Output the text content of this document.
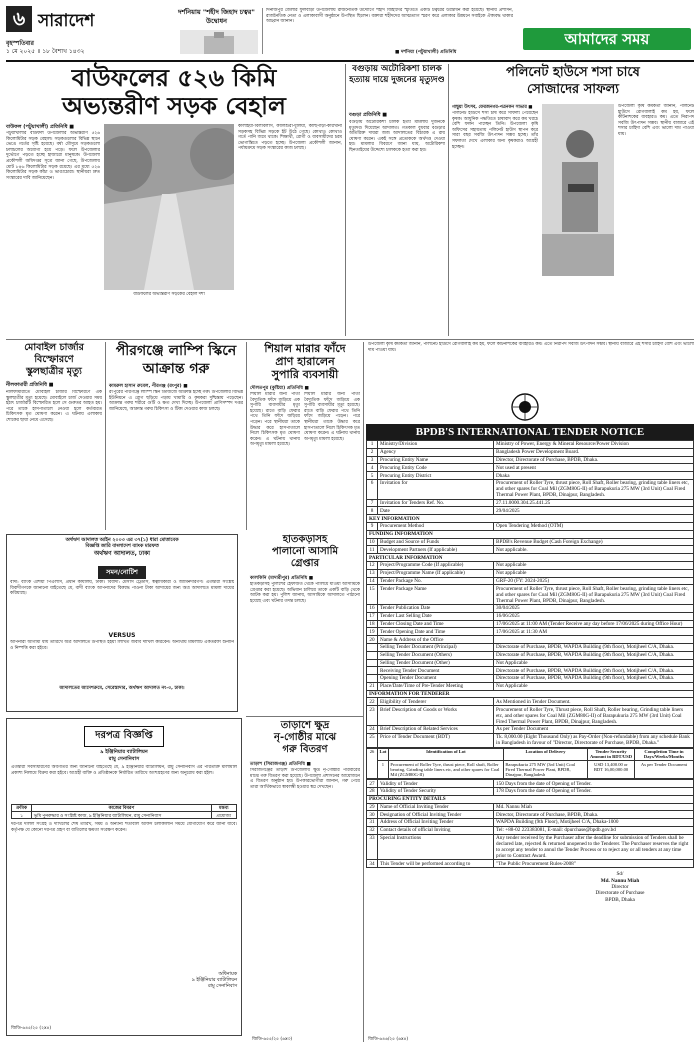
৬ সারাদেশ
বৃহস্পতিবার
১ মে ২০২৫ ॥ ১৮ বৈশাখ ১৪৩২
দর্শনিয়ায় "শহীদ জিহাদ চত্বর" উদ্বোধন
দিনাজপুর জেলার ফুলবাড়ী উপজেলায় রাজনৈতিক উদ্যোগে শহীদ জিহাদের স্মৃতিতে একটি চত্বরের উদ্বোধন করা হয়েছে। স্থানীয় প্রশাসন, রাজনৈতিক নেতা ও এলাকাবাসী অনুষ্ঠানে উপস্থিত ছিলেন। বক্তারা শহীদদের আত্মত্যাগ স্মরণ করে এলাকার উন্নয়নে সবাইকে ঐক্যবদ্ধ থাকার আহ্বান জানান।
■ দর্শনিয়া (পটুয়াখালী) প্রতিনিধি
আমাদের সময়
বাউফলের ৫২৬ কিমি
অভ্যন্তরীণ সড়ক বেহাল
বাউফল (পটুয়াখালী) প্রতিনিধি ■
পটুয়াখালীর বাউফল উপজেলার অভ্যন্তরীণ ৫২৬ কিলোমিটার সড়ক বেহাল। সড়কগুলোর বিভিন্ন স্থানে ভেঙে গর্তের সৃষ্টি হয়েছে। বর্ষা মৌসুমে সড়কগুলো চলাচলের অযোগ্য হয়ে পড়ে। ফলে উপজেলার দুর্ভোগে পড়তে হচ্ছে হাজারো মানুষকে। উপজেলা প্রকৌশলী অধিদপ্তর সূত্রে জানা গেছে, উপজেলায় মোট ৮৪৬ কিলোমিটার সড়ক রয়েছে। এর মধ্যে ৫২৬ কিলোমিটার সড়ক কাঁচা ও ভাঙাচোরা। স্থানীয়রা দ্রুত সংস্কারের দাবি জানিয়েছেন।
বাউফলের অভ্যন্তরীণ সড়কের বেহাল দশা
কালাইয়া-বিলবিলাস, কালিশুরী-ধূলিয়া, কাছিপাড়া-কারখানা সড়কসহ বিভিন্ন সড়কে ইট উঠে গেছে। কোথাও কোথাও গর্তে পানি জমে থাকে। শিক্ষার্থী, রোগী ও ব্যবসায়ীদের চরম ভোগান্তিতে পড়তে হচ্ছে। উপজেলা প্রকৌশলী জানান, পর্যায়ক্রমে সড়ক সংস্কারের কাজ চলছে।
বগুড়ায় অটোরিকশা চালক হত্যায় দায়ে দুজনের মৃত্যুদণ্ড
বগুড়া প্রতিনিধি ■
বগুড়ায় অটোরিকশা চালক হত্যা মামলায় দুজনকে মৃত্যুদণ্ড দিয়েছেন আদালত। গতকাল বুধবার বগুড়ার অতিরিক্ত দায়রা জজ আদালতের বিচারক এ রায় ঘোষণা করেন। একই সঙ্গে প্রত্যেককে অর্থদণ্ড দেওয়া হয়। মামলার বিবরণে জানা যায়, অটোরিকশা ছিনতাইয়ের উদ্দেশ্যে চালককে হত্যা করা হয়।
পলিনেট হাউসে শসা চাষে
সোজাদের সাফল্য
গাছুয়া উৎসব, ফেরজনগর-পত্রনকন সাভার ■
পলিনেট হাউসে শসা চাষ করে সাফল্য পেয়েছেন কৃষক। আধুনিক পদ্ধতিতে চাষাবাদ করে কম খরচে বেশি ফলন পাচ্ছেন তিনি। উপজেলা কৃষি অফিসের সহায়তায় পলিনেট হাউস স্থাপন করে সারা বছর সবজি উৎপাদন সম্ভব হচ্ছে। তাঁর সফলতা দেখে এলাকার অন্য কৃষকরাও আগ্রহী হচ্ছেন।
উপজেলা কৃষি কর্মকর্তা জানান, পলিনেট হাউসে রোগবালাই কম হয়, ফলে কীটনাশকের ব্যবহারও কম। এতে নিরাপদ সবজি উৎপাদন সম্ভব। স্থানীয় বাজারে এই শসার চাহিদা বেশি এবং ভালো দাম পাওয়া যায়।
মোবাইল চার্জার
বিস্ফোরণে
স্কুলছাত্রীর মৃত্যু
নীলফামারী প্রতিনিধি ■
নীলফামারীতে মোবাইল চার্জার বিস্ফোরণে এক স্কুলছাত্রীর মৃত্যু হয়েছে। মোবাইলে চার্জ দেওয়ার সময় হঠাৎ চার্জারটি বিস্ফোরিত হলে সে গুরুতর আহত হয়। পরে তাকে হাসপাতালে নেওয়া হলে কর্তব্যরত চিকিৎসক মৃত ঘোষণা করেন। এ ঘটনায় এলাকায় শোকের ছায়া নেমে এসেছে।
পীরগঞ্জে লাম্পি স্কিনে
আক্রান্ত গরু
কামরুল হাসান রুবেল, পীরগঞ্জ (রংপুর) ■
রংপুরের পীরগঞ্জে লাম্পি স্কিন ডিজিজে আক্রান্ত হচ্ছে গরু। উপজেলার বিভিন্ন ইউনিয়নে এ রোগ ছড়িয়ে পড়ায় খামারি ও কৃষকরা দুশ্চিন্তায় পড়েছেন। আক্রান্ত গরুর শরীরে গুটি ও ক্ষত দেখা দিচ্ছে। উপজেলা প্রাণিসম্পদ দপ্তর জানিয়েছে, আক্রান্ত গরুর চিকিৎসা ও টিকা দেওয়ার কাজ চলছে।
শিয়াল মারার ফাঁদে
প্রাণ হারালেন
সুপারি ব্যবসায়ী
দৌলতপুর (কুষ্টিয়া) প্রতিনিধি ■
শিয়াল মারার জন্য পাতা বৈদ্যুতিক ফাঁদে জড়িয়ে এক সুপারি ব্যবসায়ীর মৃত্যু হয়েছে। রাতে বাড়ি ফেরার পথে তিনি ফাঁদে জড়িয়ে পড়েন। পরে স্থানীয়রা তাকে উদ্ধার করে হাসপাতালে নিলে চিকিৎসক মৃত ঘোষণা করেন। এ ঘটনায় থানায় অপমৃত্যু মামলা হয়েছে।
শিয়াল মারার জন্য পাতা বৈদ্যুতিক ফাঁদে জড়িয়ে এক সুপারি ব্যবসায়ীর মৃত্যু হয়েছে। রাতে বাড়ি ফেরার পথে তিনি ফাঁদে জড়িয়ে পড়েন। পরে স্থানীয়রা তাকে উদ্ধার করে হাসপাতালে নিলে চিকিৎসক মৃত ঘোষণা করেন। এ ঘটনায় থানায় অপমৃত্যু মামলা হয়েছে।
উপজেলা কৃষি কর্মকর্তা জানান, পলিনেট হাউসে রোগবালাই কম হয়, ফলে কীটনাশকের ব্যবহারও কম। এতে নিরাপদ সবজি উৎপাদন সম্ভব। স্থানীয় বাজারে এই শসার চাহিদা বেশি এবং ভালো দাম পাওয়া যায়।
অর্থঋণ আদালত আইন ২০০৩ এর ৩৭(১) ধারা মোতাবেক
বিজ্ঞপ্তি জারি বাংলাদেশ ব্যাংক মারফত
অর্থঋণ আদালত, ঢাকা
সমন/নোটিশ
বাদী: ব্যাংক এশিয়া পিএলসি, প্রধান কার্যালয়, ঢাকা। বিবাদী: মেসার্স ট্রেডার্স, স্বত্বাধিকারী ও জামিনদারগণ। এতদ্বারা সংশ্লিষ্ট বিবাদীগণকে জানানো যাইতেছে যে, বাদী ব্যাংক আপনাদের বিরুদ্ধে পাওনা টাকা আদায়ের জন্য অত্র আদালতে মামলা দায়ের করিয়াছে।
VERSUS
আপনারা আগামী ধার্য তারিখে অত্র আদালতে উপস্থিত হইয়া লিখিত জবাব দাখিল করিবেন। অন্যথায় মামলাটি একতরফা শুনানি ও নিষ্পত্তি করা হইবে।
আদালতের আদেশক্রমে, সেরেস্তাদার, অর্থঋণ আদালত নং-৩, ঢাকা।
হাতকড়াসহ
পালানো আসামি
গ্রেপ্তার
কালকিনি (মাদারীপুর) প্রতিনিধি ■
হাতকড়াসহ পুলিশের হেফাজত থেকে পালিয়ে যাওয়া আসামিকে গ্রেপ্তার করা হয়েছে। অভিযান চালিয়ে তাকে একটি বাড়ি থেকে আটক করা হয়। পুলিশ জানায়, আসামিকে আদালতে পাঠানো হয়েছে এবং ঘটনার তদন্ত চলছে।
তাড়াশে ক্ষুদ্র
নৃ-গোষ্ঠীর মাঝে
গরু বিতরণ
তাড়াশ (সিরাজগঞ্জ) প্রতিনিধি ■
সিরাজগঞ্জের তাড়াশ উপজেলায় ক্ষুদ্র নৃ-গোষ্ঠীর পরিবারের মাঝে গরু বিতরণ করা হয়েছে। উপজেলা প্রশাসনের আয়োজনে এ বিতরণ অনুষ্ঠান হয়। উপকারভোগীরা জানান, গরু পেয়ে তারা আর্থিকভাবে স্বাবলম্বী হওয়ার স্বপ্ন দেখছেন।
দরপত্র বিজ্ঞপ্তি
৯ ইঞ্জিনিয়ার ব্যাটালিয়ন
রামু সেনানিবাস
এতদ্বারা সর্বসাধারণের অবগতির জন্য জানানো যাইতেছে যে, ৯ ইঞ্জিনিয়ার ব্যাটালিয়ন, রামু সেনানিবাস এর পরিত্যক্ত মালামাল প্রকাশ্য নিলামে বিক্রয় করা হইবে। আগ্রহী ব্যক্তি ও প্রতিষ্ঠানকে নির্ধারিত তারিখে অংশগ্রহণের জন্য অনুরোধ করা হইল।
ক্রমিক	কাজের বিবরণ	মন্তব্য
১	ভূমি পুনরুদ্ধার ও সংশ্লিষ্ট কাজ, ৯ ইঞ্জিনিয়ার ব্যাটালিয়ন, রামু সেনানিবাস	প্রযোজ্য
দরপত্র দলিল সংগ্রহ ও দাখিলের শেষ তারিখ, সময় ও অন্যান্য শর্তাবলি অফিস চলাকালীন সময়ে যোগাযোগ করে জানা যাবে। কর্তৃপক্ষ যে কোনো দরপত্র গ্রহণ বা বাতিলের ক্ষমতা সংরক্ষণ করেন।
অধিনায়ক
৯ ইঞ্জিনিয়ার ব্যাটালিয়ন
রামু সেনানিবাস
জিডি-৬৪৫/২৫ (২x৪)
BPDB'S INTERNATIONAL TENDER NOTICE
1	Ministry/Division	Ministry of Power, Energy & Mineral Resource/Power Division
2	Agency	Bangladesh Power Development Board.
3	Procuring Entity Name	Director, Directorate of Purchase, BPDB, Dhaka.
4	Procuring Entity Code	Not used at present
5	Procuring Entity District	Dhaka
6	Invitation for	Procurement of Roller Tyre, thrust piece, Roll Shaft, Roller bearing, grinding table liners etc, and other spares for Coal Mil (ZGM80G-II) of Barapukuria 275 MW (3rd Unit) Coal Fired Thermal Power Plant, BPDB, Dinajpur, Bangladesh.
7	Invitation for Tenders Ref. No.	27.11.0000.304.25.441.25
8	Date	29/04/2025
KEY INFORMATION		
9	Procurement Method	Open Tendering Method (OTM)
FUNDING INFORMATION		
10	Budget and Source of Funds	BPDB's Revenue Budget (Cash Foreign Exchange)
11	Development Partners (If applicable)	Not applicable.
PARTICULAR INFORMATION		
12	Project/Programme Code (If applicable)	Not applicable
13	Project/Programme Name (If applicable)	Not applicable
14	Tender Package No.	GRF-20 (FY: 2024-2025)
15	Tender Package Name	Procurement of Roller Tyre, thrust piece, Roll Shaft, Roller bearing, grinding table liners etc, and other spares for Coal Mil (ZGM80G-II) of Barapukuria 275 MW (3rd Unit) Coal Fired Thermal Power Plant, BPDB, Dinajpur, Bangladesh.
16	Tender Publication Date	30/04/2025
17	Tender Last Selling Date	16/06/2025
18	Tender Closing Date and Time	17/06/2025 at 11:00 AM (Tender Receive any day before 17/06/2025 during Office Hour)
19	Tender Opening Date and Time	17/06/2025 at 11:30 AM
20	Name & Address of the Office	
	Selling Tender Document (Principal)	Directorate of Purchase, BPDB, WAPDA Building (9th floor), Motijheel C/A, Dhaka.
	Selling Tender Document (Others)	Directorate of Purchase, BPDB, WAPDA Building (9th floor), Motijheel C/A, Dhaka.
	Selling Tender Document (Other)	Not Applicable
	Receiving Tender Document	Directorate of Purchase, BPDB, WAPDA Building (9th floor), Motijheel C/A, Dhaka.
	Opening Tender Document	Directorate of Purchase, BPDB, WAPDA Building (9th floor), Motijheel C/A, Dhaka.
21	Place/Date/Time of Pre-Tender Meeting	Not Applicable
INFORMATION FOR TENDERER		
22	Eligibility of Tenderer	As Mentioned in Tender Document.
23	Brief Description of Goods or Works	Procurement of Roller Tyre, Thrust piece, Roll Shaft, Roller bearing, Grinding table liners etc, and other spares for Coal Mil (ZGM80G-II) of Barapukuria 275 MW (3rd Unit) Coal Fired Thermal Power Plant, BPDB, Dinajpur, Bangladesh.
24	Brief Description of Related Services	As per Tender Document
25	Price of Tender Document (BDT)	Tk. 8,000.00 (Eight Thousand Only) as Pay-Order (Non-refundable) from any schedule Bank in Bangladesh in favour of "Director, Directorate of Purchase, BPDB, Dhaka."
26	Lot	Identification of Lot	Location of Delivery	Tender Security Amount in BDT/USD	Completion Time in Days/Weeks/Months
	1	Procurement of Roller Tyre, thrust piece, Roll shaft, Roller bearing, Grinding table liners etc, and other spares for Coal Mil (ZGM80G-II)	Barapukuria 275 MW (3rd Unit) Coal Fired Thermal Power Plant, BPDB, Dinajpur, Bangladesh	USD 13,400.00 or BDT 16,00,000.00	As per Tender Document
27	Validity of Tender	150 Days from the date of Opening of Tender.
28	Validity of Tender Security	178 Days from the date of Opening of Tender.
PROCURING ENTITY DETAILS		
29	Name of Official Inviting Tender	Md. Nannu Miah
30	Designation of Official Inviting Tender	Director, Directorate of Purchase, BPDB, Dhaka.
31	Address of Official Inviting Tender	WAPDA Building (9th Floor), Motijheel C/A, Dhaka-1000
32	Contact details of official Inviting	Tel: +88-02 223383081, E-mail: dpurchase@bpdb.gov.bd
33	Special Instructions	Any tender received by the Purchaser after the deadline for submission of Tenders shall be declared late, rejected & returned unopened to the Tenderer. The Purchaser reserves the right to accept any tender to annul the Tender Process or to reject any or all tenders at any time prior to Contract Award.
34	This Tender will be performed according to	"The Public Procurement Rules-2008"
Sd/
Md. Nannu Miah
Director
Directorate of Purchase
BPDB, Dhaka
জিডি-৬৪৬/২৫ (৬x৪)
জিডি-৬৫৫/২৫ (৬x৩)
